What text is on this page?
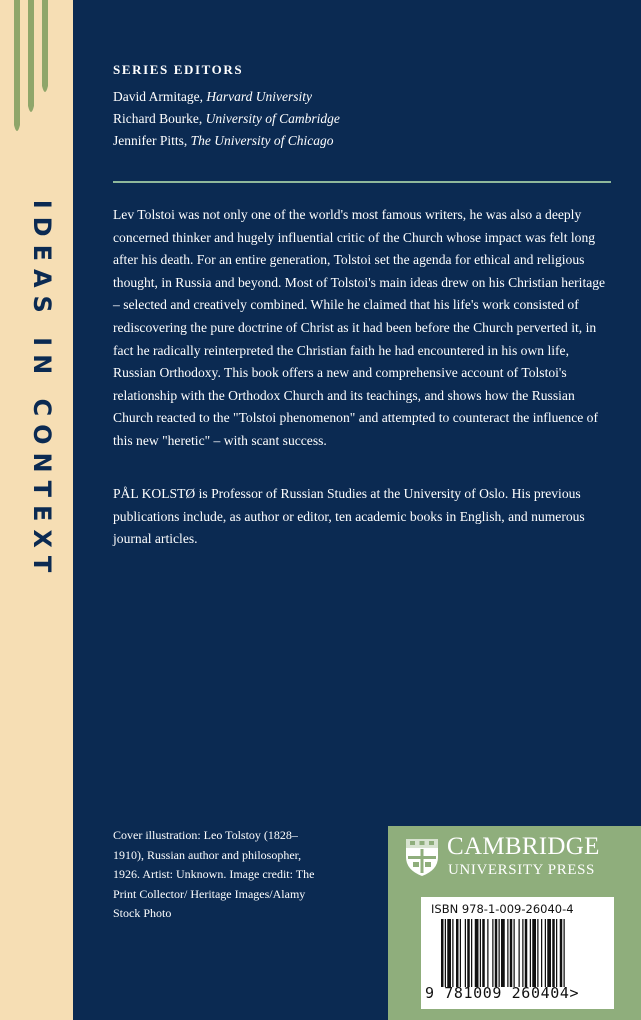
IDEAS IN CONTEXT
SERIES EDITORS
David Armitage, Harvard University
Richard Bourke, University of Cambridge
Jennifer Pitts, The University of Chicago

Lev Tolstoi was not only one of the world's most famous writers, he was also a deeply concerned thinker and hugely influential critic of the Church whose impact was felt long after his death. For an entire generation, Tolstoi set the agenda for ethical and religious thought, in Russia and beyond. Most of Tolstoi's main ideas drew on his Christian heritage – selected and creatively combined. While he claimed that his life's work consisted of rediscovering the pure doctrine of Christ as it had been before the Church perverted it, in fact he radically reinterpreted the Christian faith he had encountered in his own life, Russian Orthodoxy. This book offers a new and comprehensive account of Tolstoi's relationship with the Orthodox Church and its teachings, and shows how the Russian Church reacted to the "Tolstoi phenomenon" and attempted to counteract the influence of this new "heretic" – with scant success.

PÅL KOLSTØ is Professor of Russian Studies at the University of Oslo. His previous publications include, as author or editor, ten academic books in English, and numerous journal articles.

Cover illustration: Leo Tolstoy (1828–1910), Russian author and philosopher, 1926. Artist: Unknown. Image credit: The Print Collector/ Heritage Images/Alamy Stock Photo

CAMBRIDGE
UNIVERSITY PRESS
ISBN 978-1-009-26040-4
9 781009 260404>
